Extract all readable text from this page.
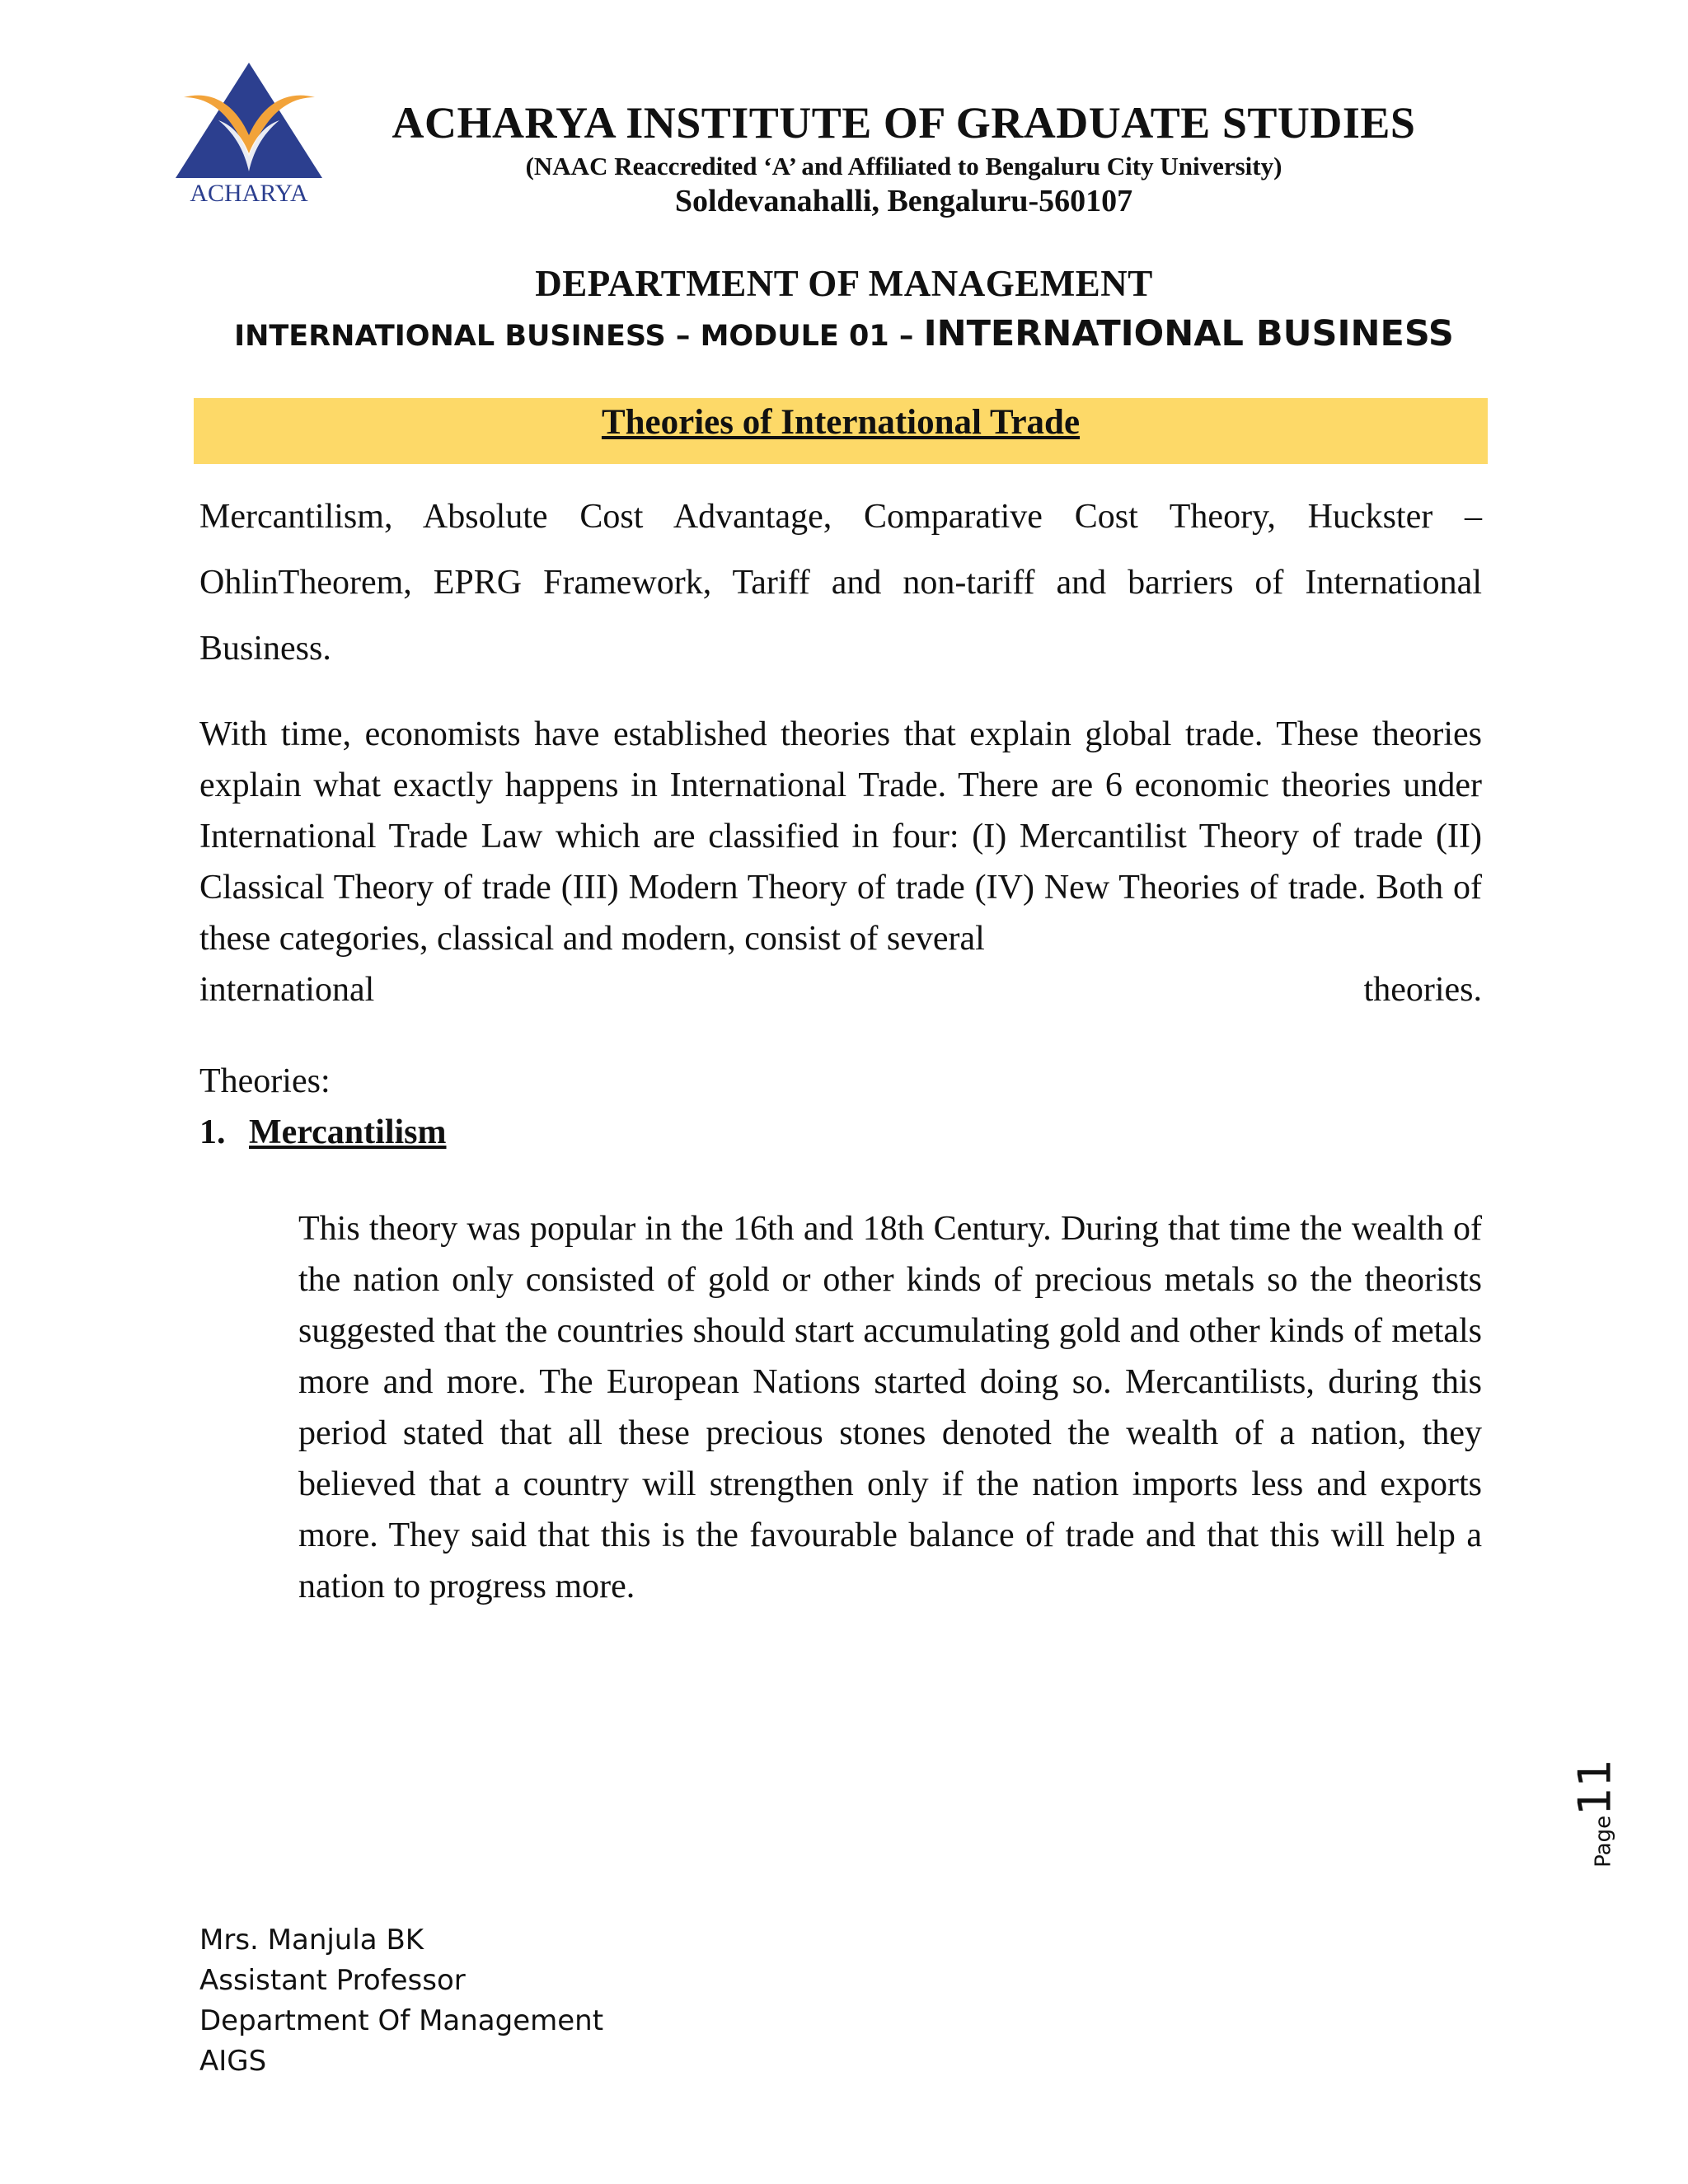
ACHARYA
ACHARYA INSTITUTE OF GRADUATE STUDIES

(NAAC Reaccredited ‘A’ and Affiliated to Bengaluru City University)

Soldevanahalli, Bengaluru-560107

DEPARTMENT OF MANAGEMENT

INTERNATIONAL BUSINESS – MODULE 01 – INTERNATIONAL BUSINESS

Theories of International Trade

Mercantilism, Absolute Cost Advantage, Comparative Cost Theory, Huckster – OhlinTheorem, EPRG Framework, Tariff and non-tariff and barriers of International Business.

With time, economists have established theories that explain global trade. These theories explain what exactly happens in International Trade. There are 6 economic theories under International Trade Law which are classified in four: (I) Mercantilist Theory of trade (II) Classical Theory of trade (III) Modern Theory of trade (IV) New Theories of trade. Both of these categories, classical and modern, consist of several
international theories.

Theories:

1. Mercantilism

This theory was popular in the 16th and 18th Century. During that time the wealth of the nation only consisted of gold or other kinds of precious metals so the theorists suggested that the countries should start accumulating gold and other kinds of metals more and more. The European Nations started doing so. Mercantilists, during this period stated that all these precious stones denoted the wealth of a nation, they believed that a country will strengthen only if the nation imports less and exports more. They said that this is the favourable balance of trade and that this will help a nation to progress more.

Page11
Mrs. Manjula BK
Assistant Professor
Department Of Management
AIGS
